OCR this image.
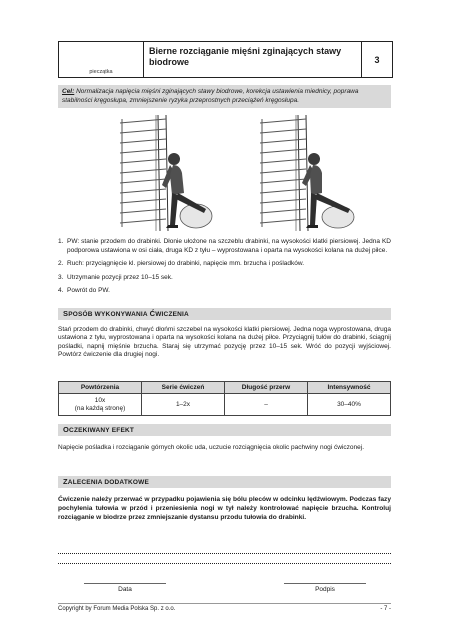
pieczątka
Bierne rozciąganie mięśni zginających stawy biodrowe	3

Cel: Normalizacja napięcia mięśni zginających stawy biodrowe, korekcja ustawienia miednicy, poprawa stabilności kręgosłupa, zmniejszenie ryzyka przeprostnych przeciążeń kręgosłupa.

1. PW: stanie przodem do drabinki. Dłonie ułożone na szczeblu drabinki, na wysokości klatki piersiowej. Jedna KD podporowa ustawiona w osi ciała, druga KD z tyłu – wyprostowana i oparta na wysokości kolana na dużej piłce.
2. Ruch: przyciągnięcie kl. piersiowej do drabinki, napięcie mm. brzucha i pośladków.
3. Utrzymanie pozycji przez 10–15 sek.
4. Powrót do PW.
SPOSÓB WYKONYWANIA ĆWICZENIA

Stań przodem do drabinki, chwyć dłońmi szczebel na wysokości klatki piersiowej. Jedna noga wyprostowana, druga ustawiona z tyłu, wyprostowana i oparta na wysokości kolana na dużej piłce. Przyciągnij tułów do drabinki, ściągnij pośladki, napnij mięśnie brzucha. Staraj się utrzymać pozycję przez 10–15 sek. Wróć do pozycji wyjściowej. Powtórz ćwiczenie dla drugiej nogi.

Powtórzenia	Serie ćwiczeń	Długość przerw	Intensywność
10x
(na każdą stronę)	1–2x	–	30–40%
OCZEKIWANY EFEKT

Napięcie pośladka i rozciąganie górnych okolic uda, uczucie rozciągnięcia okolic pachwiny nogi ćwiczonej.

ZALECENIA DODATKOWE

Ćwiczenie należy przerwać w przypadku pojawienia się bólu pleców w odcinku lędźwiowym. Podczas fazy pochylenia tułowia w przód i przeniesienia nogi w tył należy kontrolować napięcie brzucha. Kontroluj rozciąganie w biodrze przez zmniejszanie dystansu przodu tułowia do drabinki.

Data	Podpis
Copyright by Forum Media Polska Sp. z o.o.	- 7 -
